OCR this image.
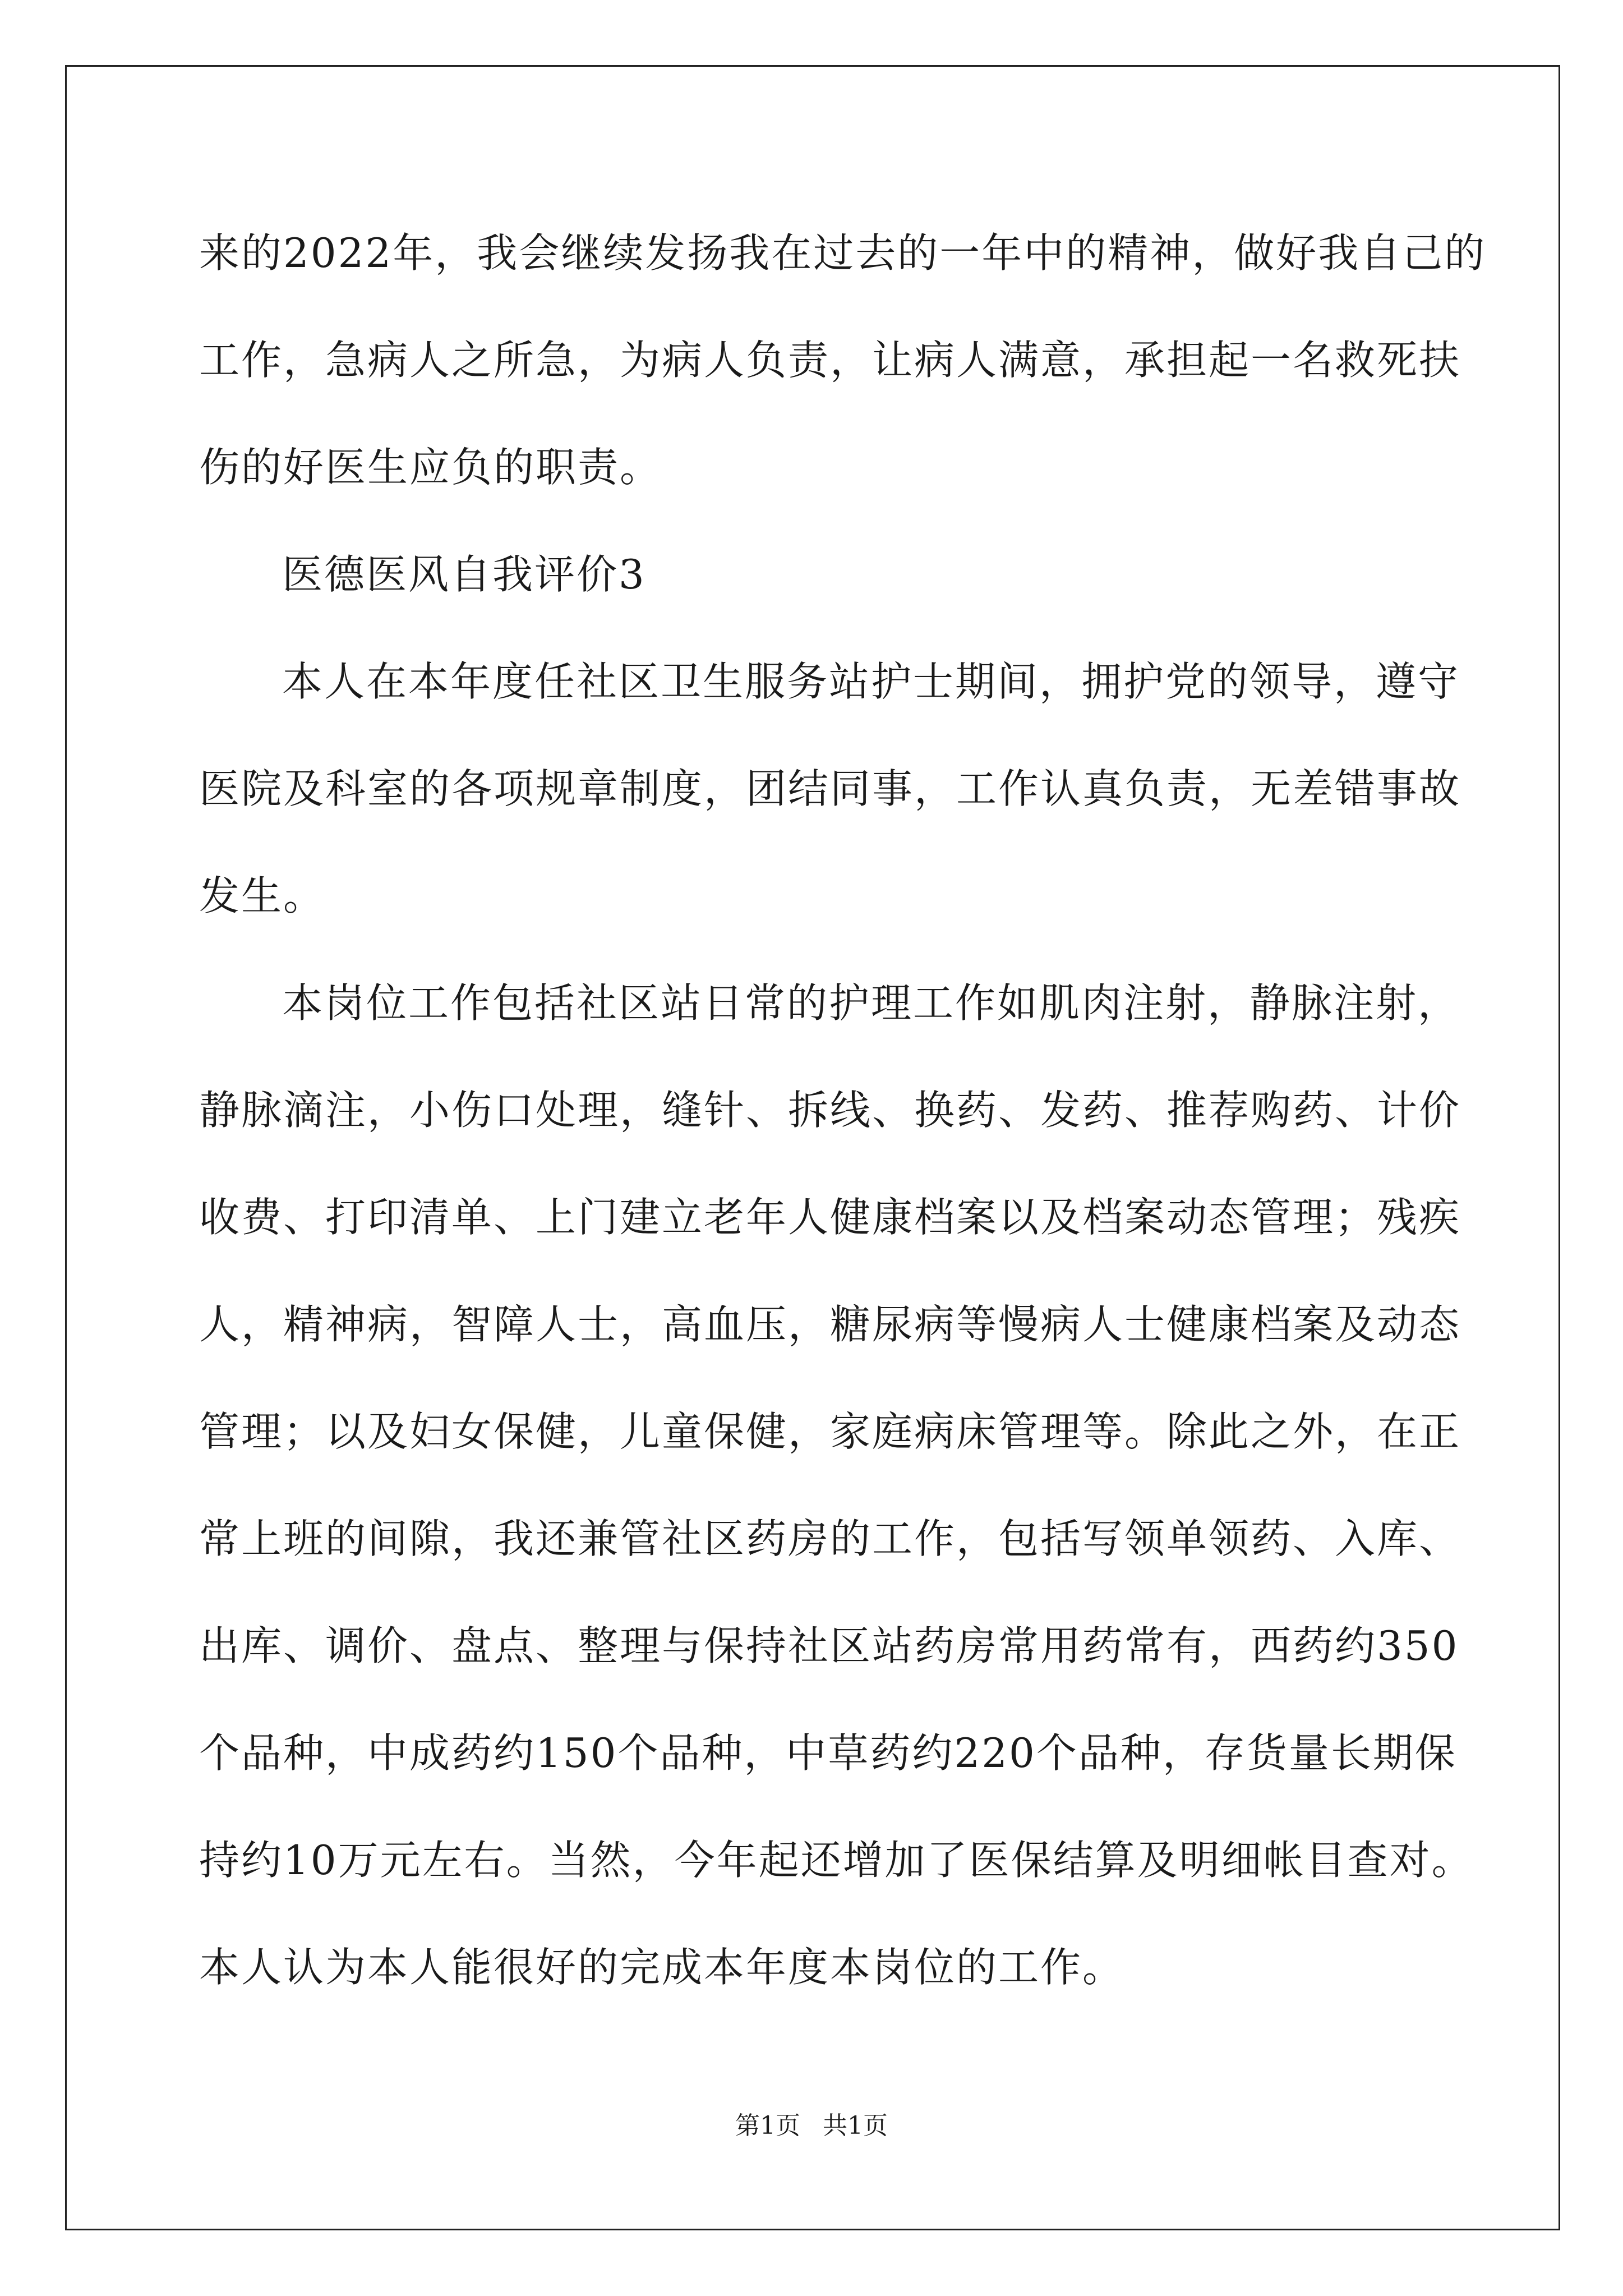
来的2022年，我会继续发扬我在过去的一年中的精神，做好我自己的
工作，急病人之所急，为病人负责，让病人满意，承担起一名救死扶
伤的好医生应负的职责。
医德医风自我评价3
本人在本年度任社区卫生服务站护士期间，拥护党的领导，遵守
医院及科室的各项规章制度，团结同事，工作认真负责，无差错事故
发生。
本岗位工作包括社区站日常的护理工作如肌肉注射，静脉注射，
静脉滴注，小伤口处理，缝针、拆线、换药、发药、推荐购药、计价
收费、打印清单、上门建立老年人健康档案以及档案动态管理；残疾
人，精神病，智障人士，高血压，糖尿病等慢病人士健康档案及动态
管理；以及妇女保健，儿童保健，家庭病床管理等。除此之外，在正
常上班的间隙，我还兼管社区药房的工作，包括写领单领药、入库、
出库、调价、盘点、整理与保持社区站药房常用药常有，西药约350
个品种，中成药约150个品种，中草药约220个品种，存货量长期保
持约10万元左右。当然，今年起还增加了医保结算及明细帐目查对。
本人认为本人能很好的完成本年度本岗位的工作。
第1页 共1页
